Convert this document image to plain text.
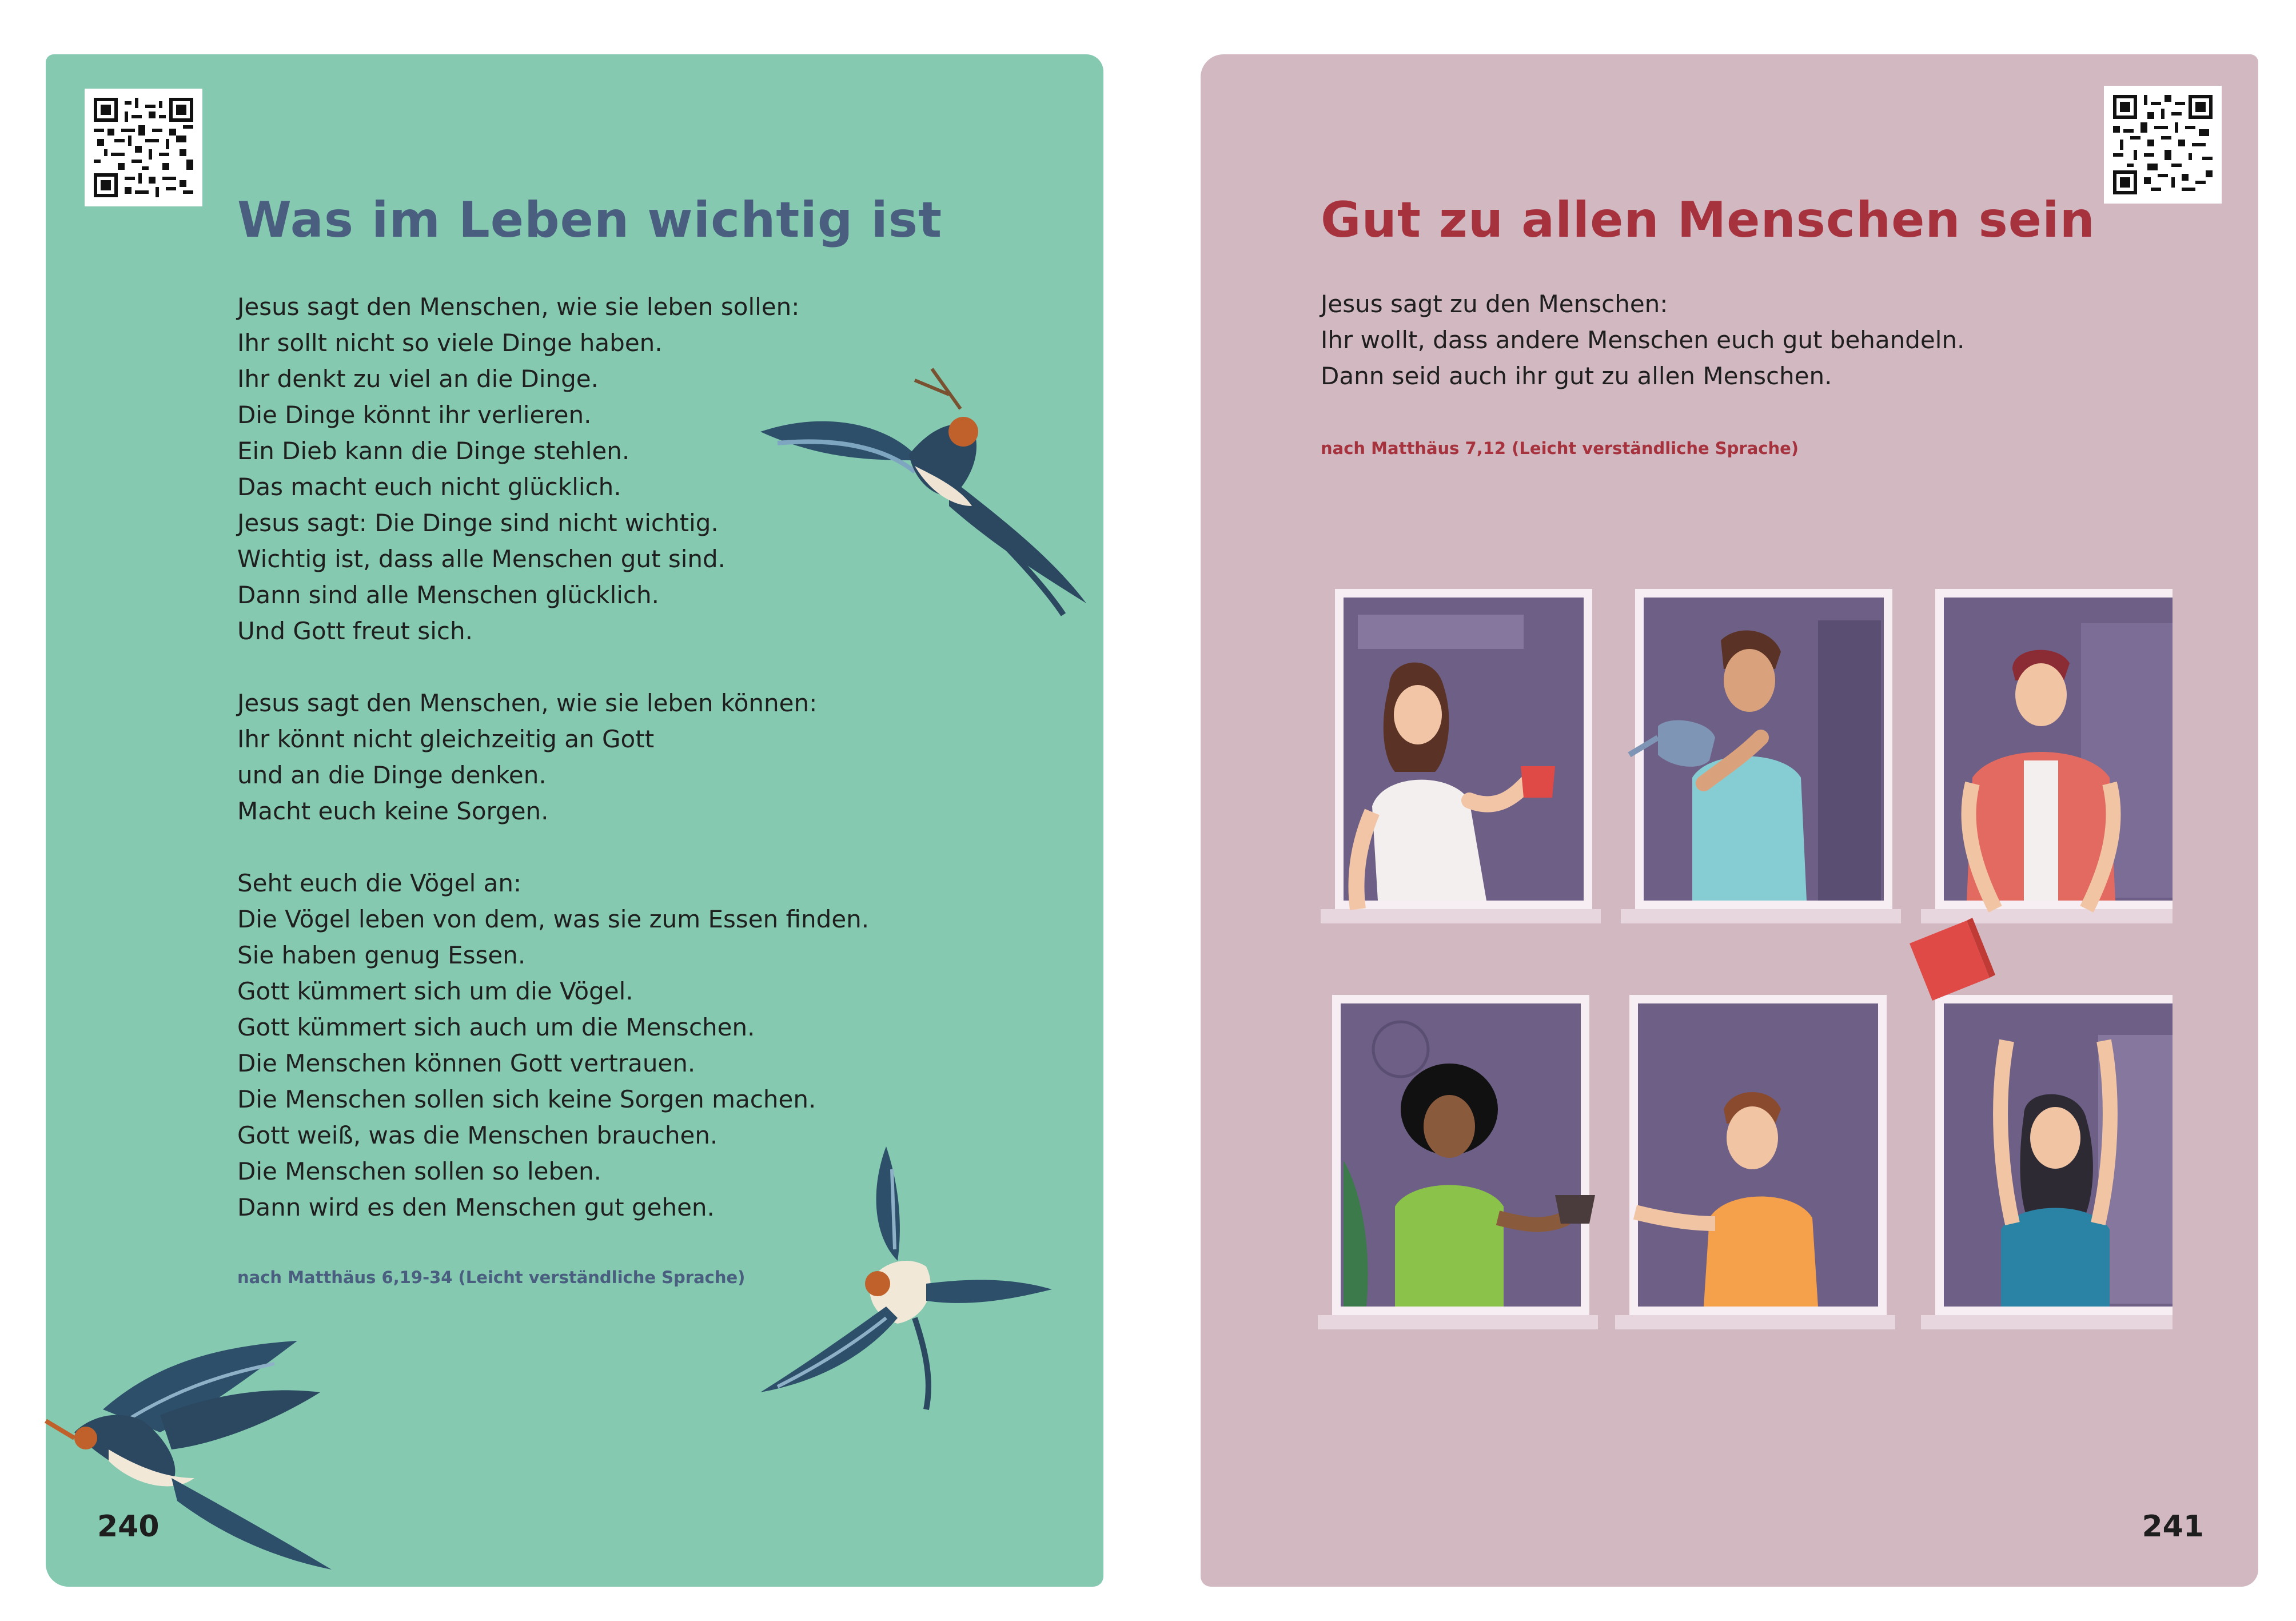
Was im Leben wichtig ist
Jesus sagt den Menschen, wie sie leben sollen:
Ihr sollt nicht so viele Dinge haben.
Ihr denkt zu viel an die Dinge.
Die Dinge könnt ihr verlieren.
Ein Dieb kann die Dinge stehlen.
Das macht euch nicht glücklich.
Jesus sagt: Die Dinge sind nicht wichtig.
Wichtig ist, dass alle Menschen gut sind.
Dann sind alle Menschen glücklich.
Und Gott freut sich.
Jesus sagt den Menschen, wie sie leben können:
Ihr könnt nicht gleichzeitig an Gott
und an die Dinge denken.
Macht euch keine Sorgen.
Seht euch die Vögel an:
Die Vögel leben von dem, was sie zum Essen finden.
Sie haben genug Essen.
Gott kümmert sich um die Vögel.
Gott kümmert sich auch um die Menschen.
Die Menschen können Gott vertrauen.
Die Menschen sollen sich keine Sorgen machen.
Gott weiß, was die Menschen brauchen.
Die Menschen sollen so leben.
Dann wird es den Menschen gut gehen.
nach Matthäus 6,19-34 (Leicht verständliche Sprache)
240
Gut zu allen Menschen sein
Jesus sagt zu den Menschen:
Ihr wollt, dass andere Menschen euch gut behandeln.
Dann seid auch ihr gut zu allen Menschen.
nach Matthäus 7,12 (Leicht verständliche Sprache)
241
